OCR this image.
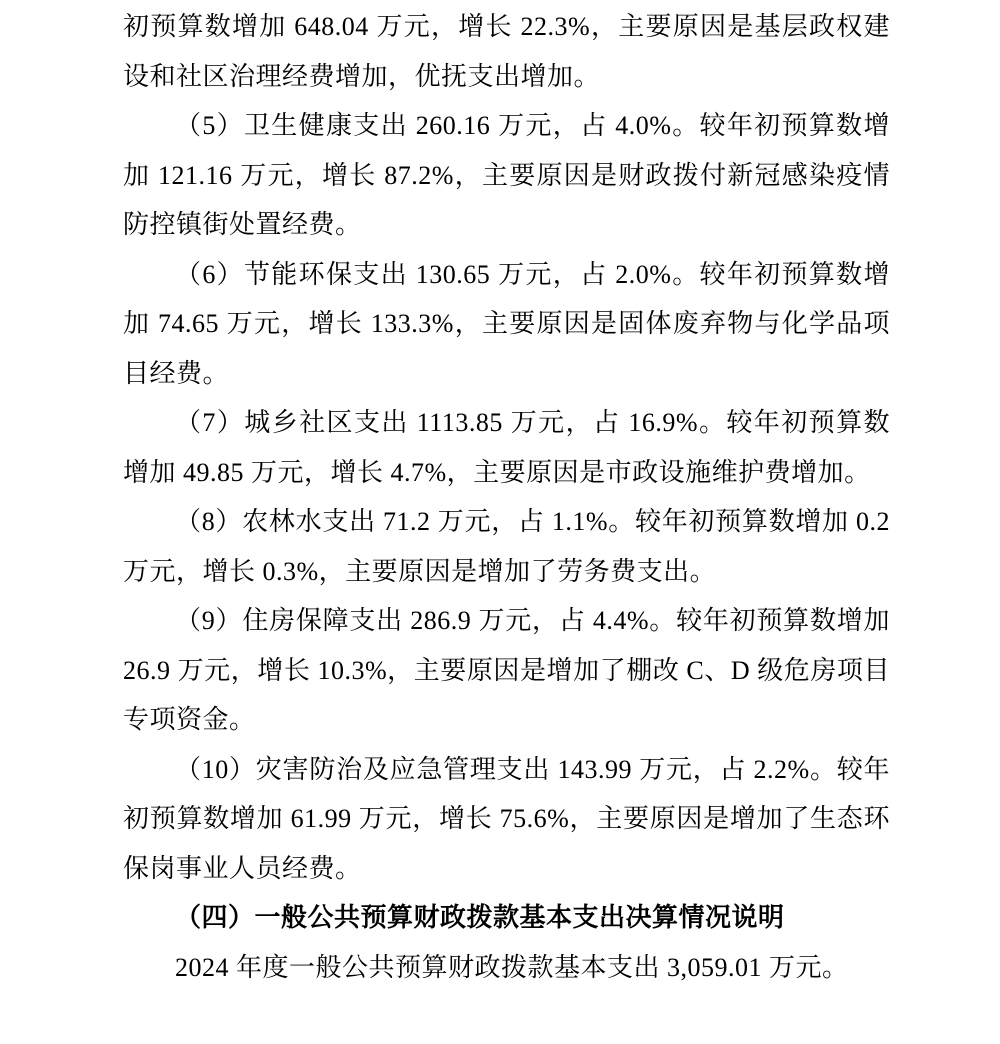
初预算数增加 648.04 万元，增长 22.3%，主要原因是基层政权建设和社区治理经费增加，优抚支出增加。

（5）卫生健康支出 260.16 万元，占 4.0%。较年初预算数增加 121.16 万元，增长 87.2%，主要原因是财政拨付新冠感染疫情防控镇街处置经费。

（6）节能环保支出 130.65 万元，占 2.0%。较年初预算数增加 74.65 万元，增长 133.3%，主要原因是固体废弃物与化学品项目经费。

（7）城乡社区支出 1113.85 万元，占 16.9%。较年初预算数增加 49.85 万元，增长 4.7%，主要原因是市政设施维护费增加。

（8）农林水支出 71.2 万元，占 1.1%。较年初预算数增加 0.2 万元，增长 0.3%，主要原因是增加了劳务费支出。

（9）住房保障支出 286.9 万元，占 4.4%。较年初预算数增加 26.9 万元，增长 10.3%，主要原因是增加了棚改 C、D 级危房项目专项资金。

（10）灾害防治及应急管理支出 143.99 万元，占 2.2%。较年初预算数增加 61.99 万元，增长 75.6%，主要原因是增加了生态环保岗事业人员经费。

（四）一般公共预算财政拨款基本支出决算情况说明

2024 年度一般公共预算财政拨款基本支出 3,059.01 万元。
